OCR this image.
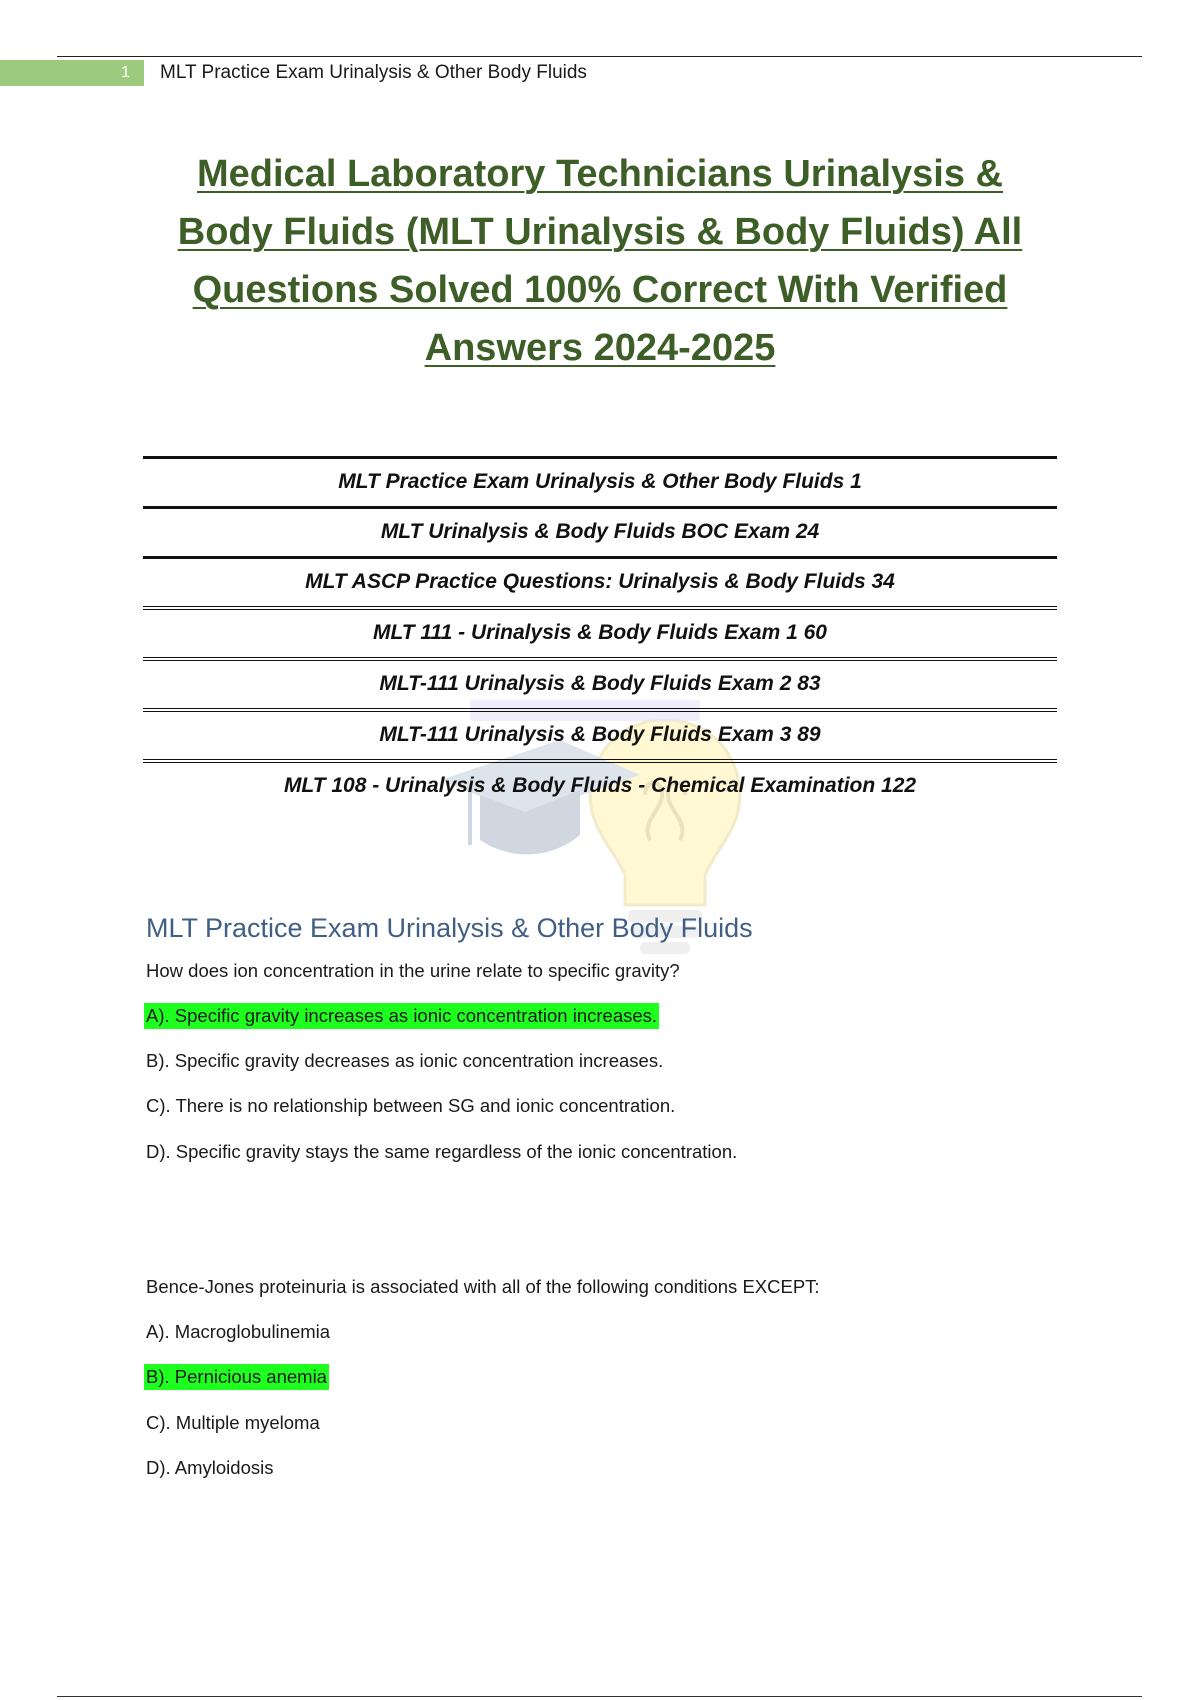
1	MLT Practice Exam Urinalysis & Other Body Fluids
Medical Laboratory Technicians Urinalysis & Body Fluids (MLT Urinalysis & Body Fluids) All Questions Solved 100% Correct With Verified Answers 2024-2025
MLT Practice Exam Urinalysis & Other Body Fluids 1
MLT Urinalysis & Body Fluids BOC Exam 24
MLT ASCP Practice Questions: Urinalysis & Body Fluids 34
MLT 111 - Urinalysis & Body Fluids Exam 1 60
MLT-111 Urinalysis & Body Fluids Exam 2 83
MLT-111 Urinalysis & Body Fluids Exam 3 89
MLT 108 - Urinalysis & Body Fluids - Chemical Examination 122
MLT Practice Exam Urinalysis & Other Body Fluids

How does ion concentration in the urine relate to specific gravity?

A). Specific gravity increases as ionic concentration increases.

B). Specific gravity decreases as ionic concentration increases.

C). There is no relationship between SG and ionic concentration.

D). Specific gravity stays the same regardless of the ionic concentration.

Bence-Jones proteinuria is associated with all of the following conditions EXCEPT:

A). Macroglobulinemia

B). Pernicious anemia

C). Multiple myeloma

D). Amyloidosis
